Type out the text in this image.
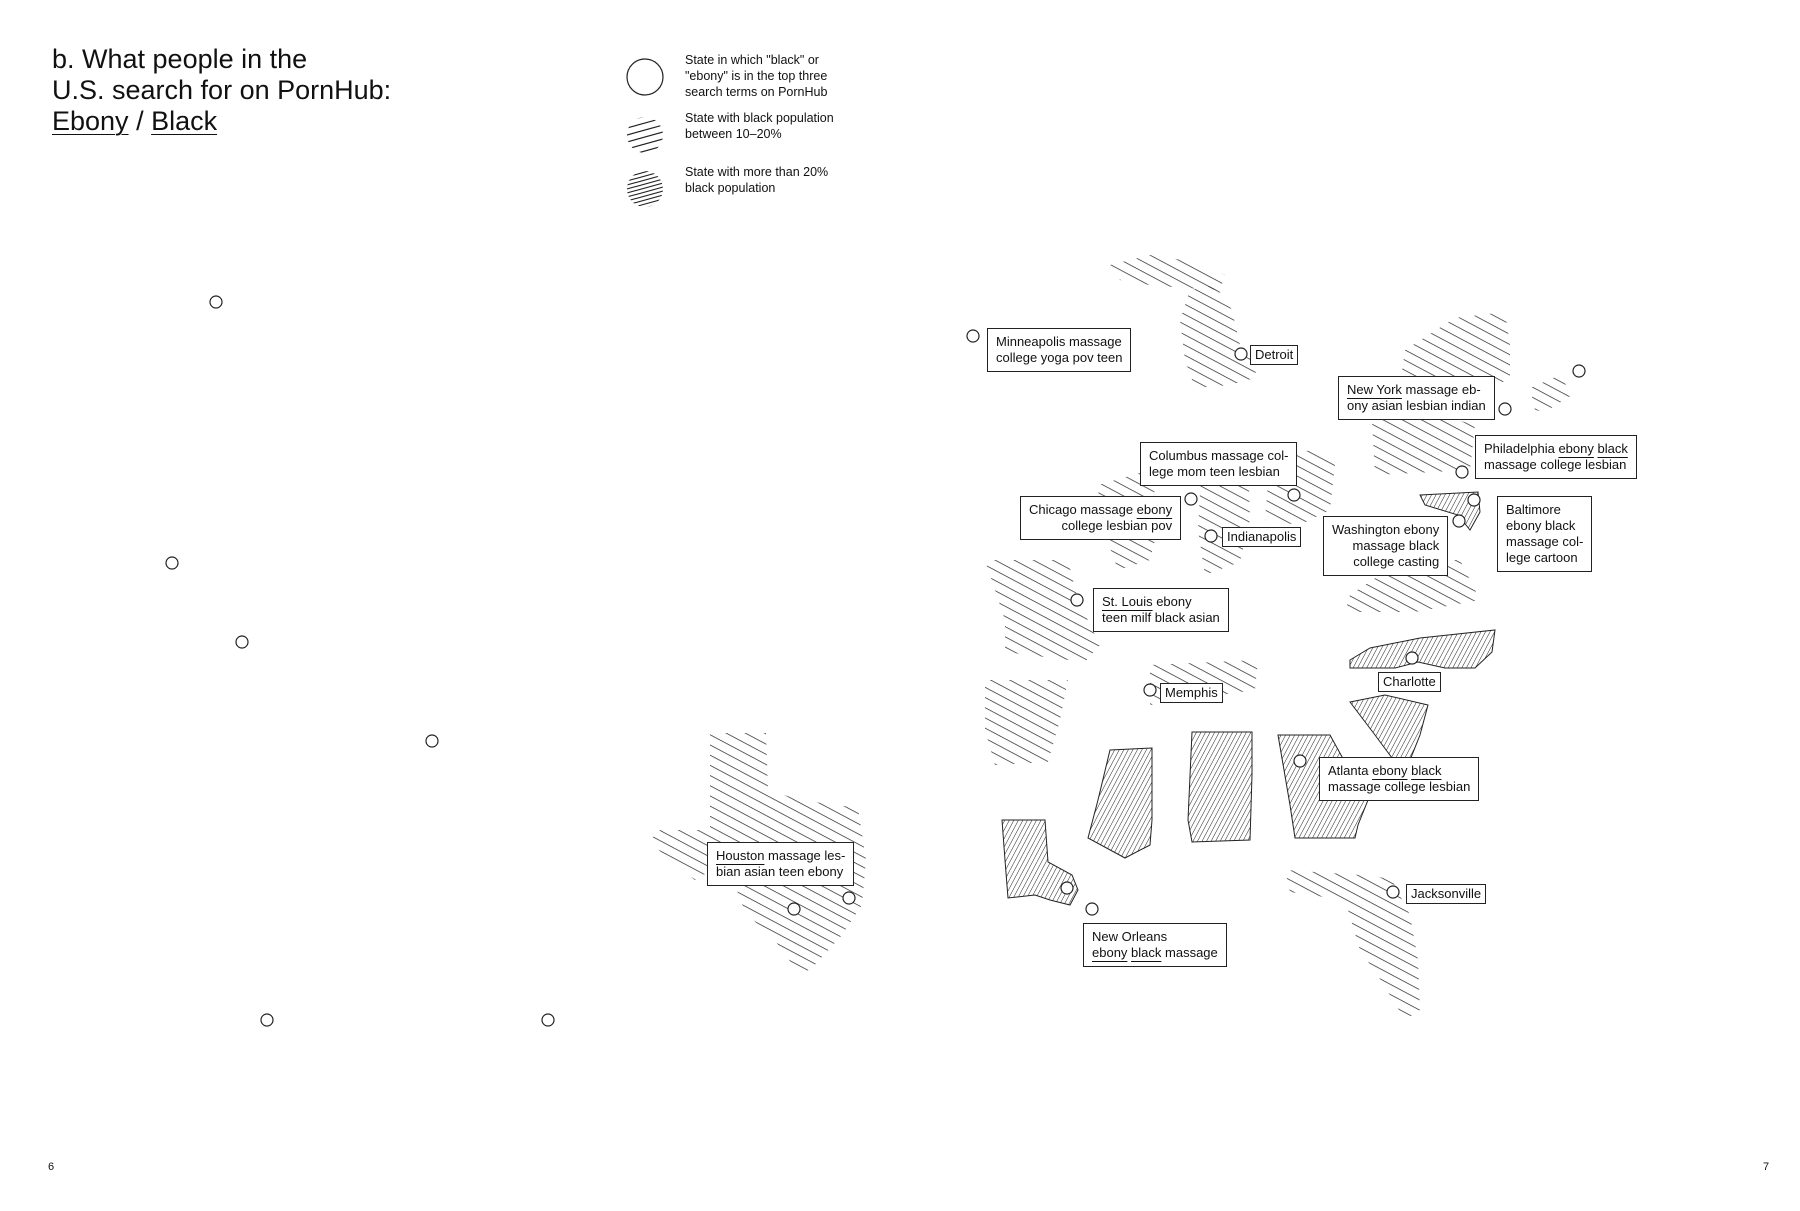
b. What people in the
U.S. search for on PornHub:
Ebony / Black
State in which "black" or "ebony" is in the top three search terms on PornHub
State with black population between 10–20%
State with more than 20% black population
Minneapolis massage
college yoga pov teen	Detroit
New York massage eb-
ony asian lesbian indian
Philadelphia ebony black
massage college lesbian
Columbus massage col-
lege mom teen lesbian
Chicago massage ebony
college lesbian pov
Indianapolis	Washington ebony
massage black
college casting
Baltimore
ebony black
massage col-
lege cartoon
St. Louis ebony
teen milf black asian
Charlotte
Memphis
Atlanta ebony black
massage college lesbian
Houston massage les-
bian asian teen ebony
Jacksonville
New Orleans
ebony black massage
6	7
